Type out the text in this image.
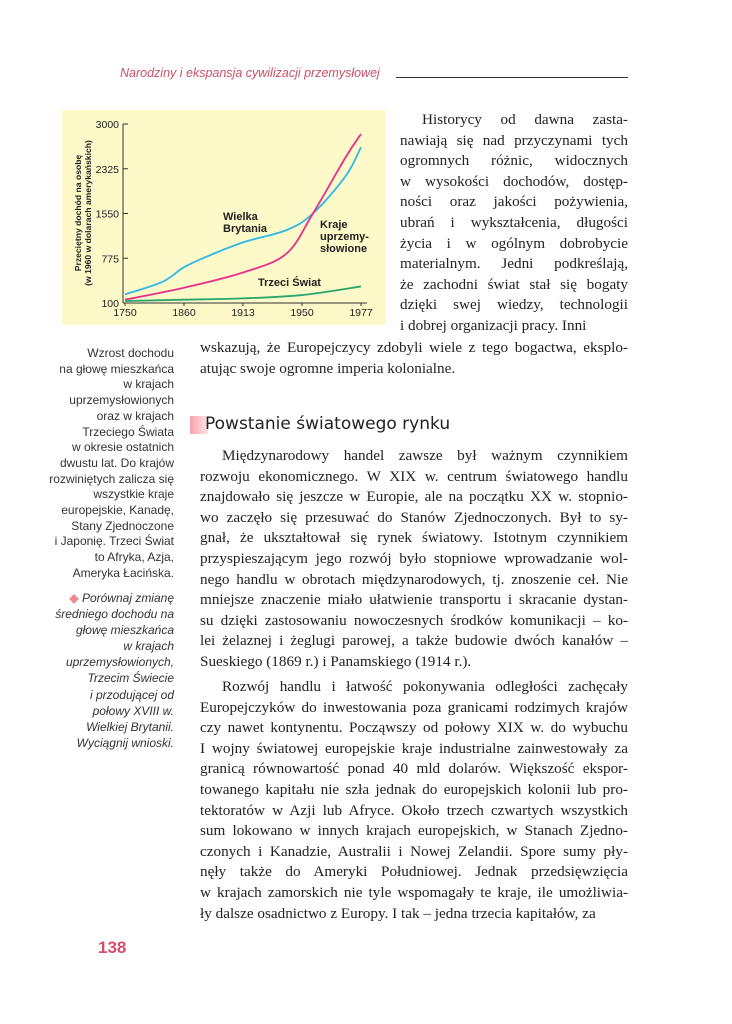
Narodziny i ekspansja cywilizacji przemysłowej
100
775
1550
2325
3000
1750	1860	1913	1950	1977
Przeciętny dochód na osobę (w 1960 w dolarach amerykańskich)	Wielka
Brytania	Kraje
uprzemy-
słowione
Trzeci Świat
Historycy od dawna zasta-
nawiają się nad przyczynami tych
ogromnych różnic, widocznych
w wysokości dochodów, dostęp-
ności oraz jakości pożywienia,
ubrań i wykształcenia, długości
życia i w ogólnym dobrobycie
materialnym. Jedni podkreślają,
że zachodni świat stał się bogaty
dzięki swej wiedzy, technologii
i dobrej organizacji pracy. Inni
wskazują, że Europejczycy zdobyli wiele z tego bogactwa, eksplo-
atując swoje ogromne imperia kolonialne.
Powstanie światowego rynku
Międzynarodowy handel zawsze był ważnym czynnikiem
rozwoju ekonomicznego. W XIX w. centrum światowego handlu
znajdowało się jeszcze w Europie, ale na początku XX w. stopnio-
wo zaczęło się przesuwać do Stanów Zjednoczonych. Był to sy-
gnał, że ukształtował się rynek światowy. Istotnym czynnikiem
przyspieszającym jego rozwój było stopniowe wprowadzanie wol-
nego handlu w obrotach międzynarodowych, tj. znoszenie ceł. Nie
mniejsze znaczenie miało ułatwienie transportu i skracanie dystan-
su dzięki zastosowaniu nowoczesnych środków komunikacji – ko-
lei żelaznej i żeglugi parowej, a także budowie dwóch kanałów –
Sueskiego (1869 r.) i Panamskiego (1914 r.).
Rozwój handlu i łatwość pokonywania odległości zachęcały
Europejczyków do inwestowania poza granicami rodzimych krajów
czy nawet kontynentu. Począwszy od połowy XIX w. do wybuchu
I wojny światowej europejskie kraje industrialne zainwestowały za
granicą równowartość ponad 40 mld dolarów. Większość ekspor-
towanego kapitału nie szła jednak do europejskich kolonii lub pro-
tektoratów w Azji lub Afryce. Około trzech czwartych wszystkich
sum lokowano w innych krajach europejskich, w Stanach Zjedno-
czonych i Kanadzie, Australii i Nowej Zelandii. Spore sumy pły-
nęły także do Ameryki Południowej. Jednak przedsięwzięcia
w krajach zamorskich nie tyle wspomagały te kraje, ile umożliwia-
ły dalsze osadnictwo z Europy. I tak – jedna trzecia kapitałów, za
Wzrost dochodu
na głowę mieszkańca
w krajach
uprzemysłowionych
oraz w krajach
Trzeciego Świata
w okresie ostatnich
dwustu lat. Do krajów
rozwiniętych zalicza się
wszystkie kraje
europejskie, Kanadę,
Stany Zjednoczone
i Japonię. Trzeci Świat
to Afryka, Azja,
Ameryka Łacińska.
◆ Porównaj zmianę
średniego dochodu na
głowę mieszkańca
w krajach
uprzemysłowionych,
Trzecim Świecie
i przodującej od
połowy XVIII w.
Wielkiej Brytanii.
Wyciągnij wnioski.
138
